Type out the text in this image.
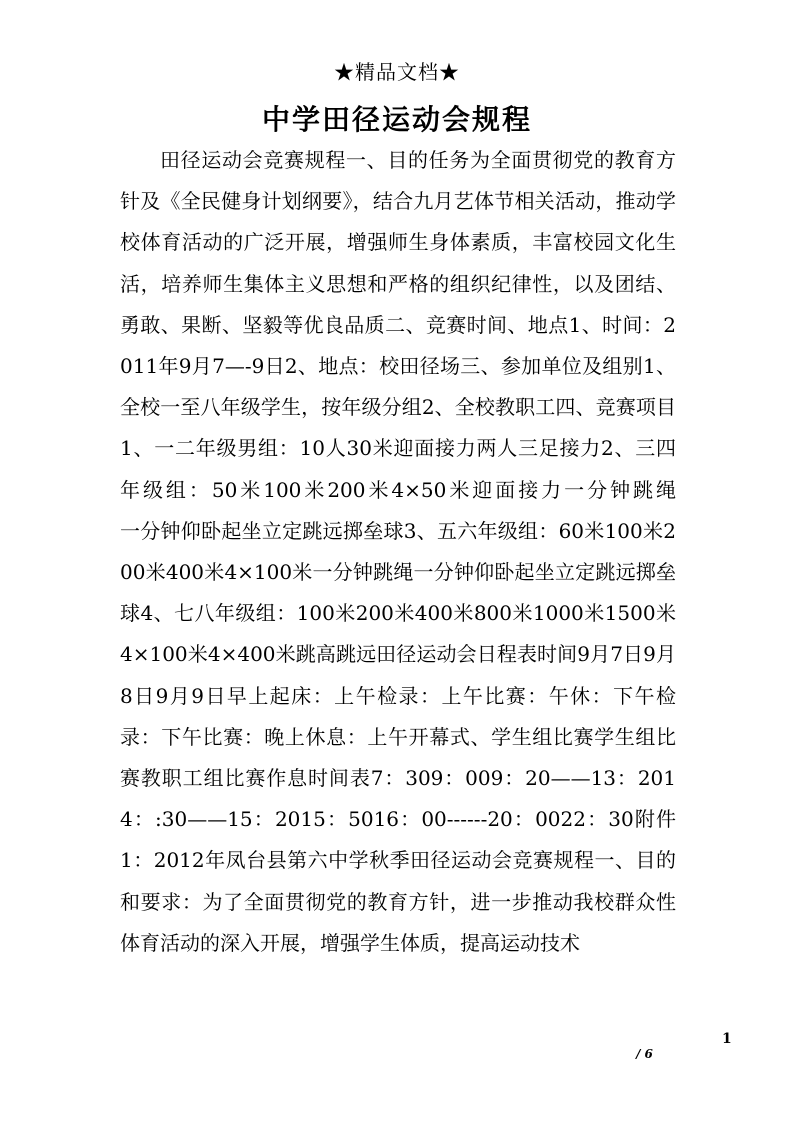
★精品文档★
中学田径运动会规程

田径运动会竞赛规程一、目的任务为全面贯彻党的教育方针及《全民健身计划纲要》，结合九月艺体节相关活动，推动学校体育活动的广泛开展，增强师生身体素质，丰富校园文化生活，培养师生集体主义思想和严格的组织纪律性，以及团结、勇敢、果断、坚毅等优良品质二、竞赛时间、地点1、时间：2011年9月7—-9日2、地点：校田径场三、参加单位及组别1、全校一至八年级学生，按年级分组2、全校教职工四、竞赛项目1、一二年级男组：10人30米迎面接力两人三足接力2、三四年级组：50米100米200米4×50米迎面接力一分钟跳绳　　一分钟仰卧起坐立定跳远掷垒球3、五六年级组：60米100米200米400米4×100米一分钟跳绳一分钟仰卧起坐立定跳远掷垒球4、七八年级组：100米200米400米800米1000米1500米4×100米4×400米跳高跳远田径运动会日程表时间9月7日9月8日9月9日早上起床：上午检录：上午比赛：午休：下午检录：下午比赛：晚上休息：上午开幕式、学生组比赛学生组比赛教职工组比赛作息时间表7：309：009：20——13：2014：:30——15：2015：5016：00------20：0022：30附件1：2012年凤台县第六中学秋季田径运动会竞赛规程一、目的和要求：为了全面贯彻党的教育方针，进一步推动我校群众性体育活动的深入开展，增强学生体质，提高运动技术

1
/ 6
